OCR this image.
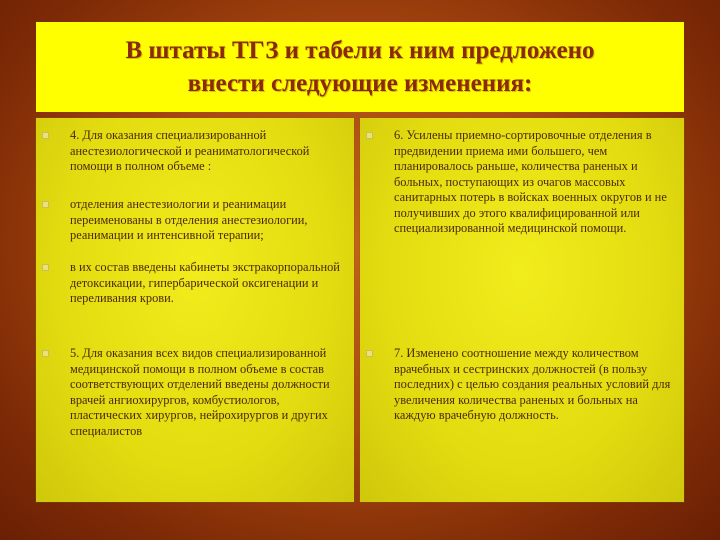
В штаты ТГЗ и табели к ним предложено
внести следующие изменения:
4. Для оказания специализированной анестезиологической и реаниматологической помощи в полном объеме :
отделения анестезиологии и реанимации переименованы в отделения анестезиологии, реанимации и интенсивной терапии;
в их состав введены кабинеты экстракорпоральной детоксикации, гипербарической оксигенации и переливания крови.
5. Для оказания всех видов специализированной медицинской помощи в полном объеме в состав соответствующих отделений введены должности врачей ангиохирургов, комбустиологов, пластических хирургов, нейрохирургов и других специалистов
6. Усилены приемно-сортировочные отделения в предвидении приема ими большего, чем планировалось раньше, количества раненых и больных, поступающих из очагов массовых санитарных потерь в войсках военных округов и не получивших до этого квалифицированной или специализированной медицинской помощи.
7. Изменено соотношение между количеством врачебных и сестринских должностей (в пользу последних) с целью создания реальных условий для увеличения количества раненых и больных на каждую врачебную должность.
